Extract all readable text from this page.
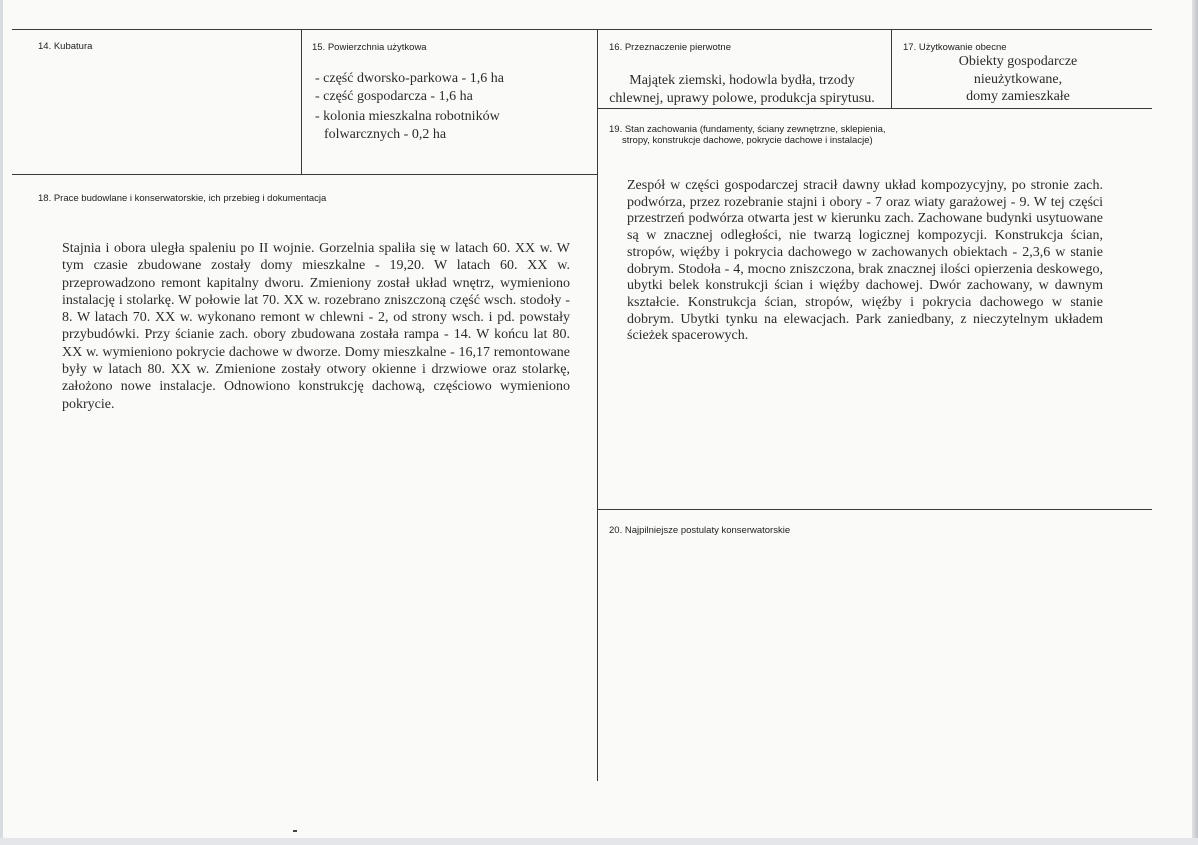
14. Kubatura	15. Powierzchnia użytkowa
- część dworsko-parkowa - 1,6 ha
- część gospodarcza - 1,6 ha
- kolonia mieszkalna robotników
folwarcznych - 0,2 ha
16. Przeznaczenie pierwotne
Majątek ziemski, hodowla bydła, trzody
chlewnej, uprawy polowe, produkcja spirytusu.
17. Użytkowanie obecne
Obiekty gospodarcze
nieużytkowane,
domy zamieszkałe
19. Stan zachowania (fundamenty, ściany zewnętrzne, sklepienia,
stropy, konstrukcje dachowe, pokrycie dachowe i instalacje)
Zespół w części gospodarczej stracił dawny układ kompozycyjny, po stronie zach. podwórza, przez rozebranie stajni i obory - 7 oraz wiaty garażowej - 9. W tej części przestrzeń podwórza otwarta jest w kierunku zach. Zachowane budynki usytuowane są w znacznej odległości, nie twarzą logicznej kompozycji. Konstrukcja ścian, stropów, więźby i pokrycia dachowego w zachowanych obiektach - 2,3,6 w stanie dobrym. Stodoła - 4, mocno zniszczona, brak znacznej ilości opierzenia deskowego, ubytki belek konstrukcji ścian i więźby dachowej. Dwór zachowany, w dawnym kształcie. Konstrukcja ścian, stropów, więźby i pokrycia dachowego w stanie dobrym. Ubytki tynku na elewacjach. Park zaniedbany, z nieczytelnym układem ścieżek spacerowych.
18. Prace budowlane i konserwatorskie, ich przebieg i dokumentacja
Stajnia i obora uległa spaleniu po II wojnie. Gorzelnia spaliła się w latach 60. XX w. W tym czasie zbudowane zostały domy mieszkalne - 19,20. W latach 60. XX w. przeprowadzono remont kapitalny dworu. Zmieniony został układ wnętrz, wymieniono instalację i stolarkę. W połowie lat 70. XX w. rozebrano zniszczoną część wsch. stodoły - 8. W latach 70. XX w. wykonano remont w chlewni - 2, od strony wsch. i pd. powstały przybudówki. Przy ścianie zach. obory zbudowana została rampa - 14. W końcu lat 80. XX w. wymieniono pokrycie dachowe w dworze. Domy mieszkalne - 16,17 remontowane były w latach 80. XX w. Zmienione zostały otwory okienne i drzwiowe oraz stolarkę, założono nowe instalacje. Odnowiono konstrukcję dachową, częściowo wymieniono pokrycie.
20. Najpilniejsze postulaty konserwatorskie
